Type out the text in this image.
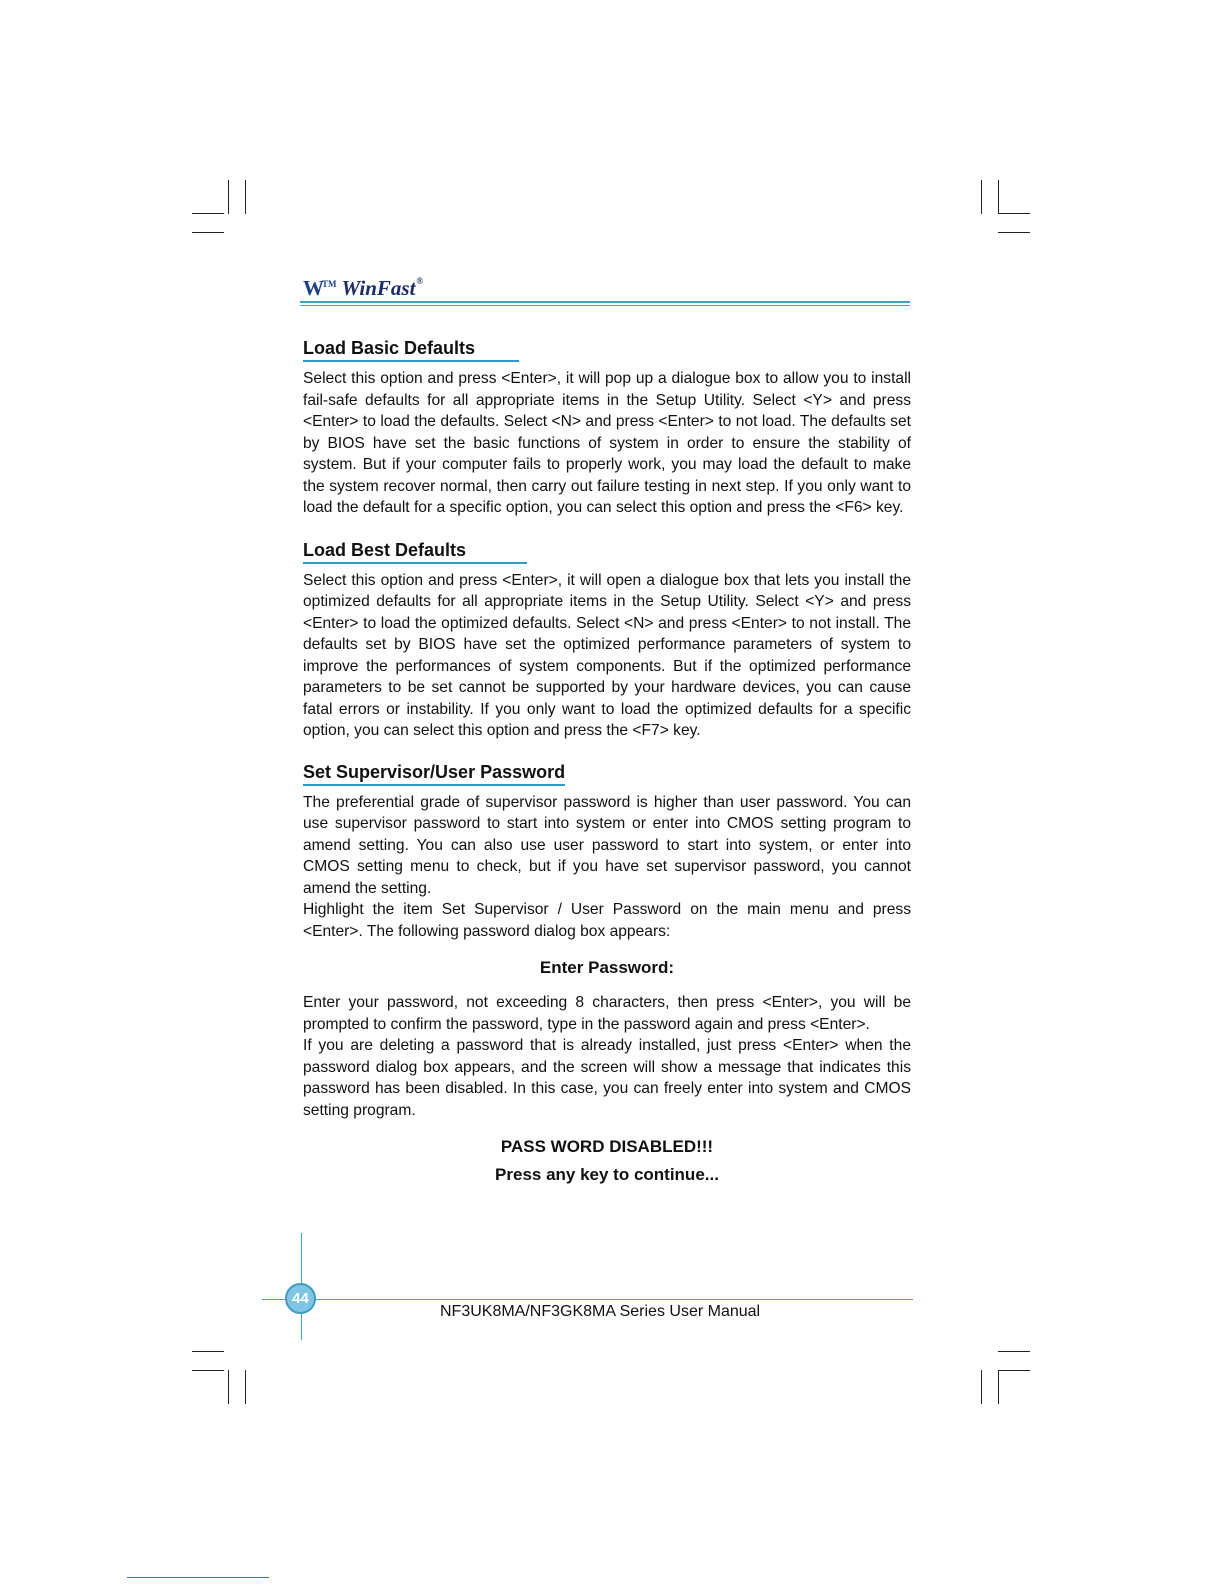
W™ WinFast®
Load Basic Defaults

Select this option and press <Enter>, it will pop up a dialogue box to allow you to install fail-safe defaults for all appropriate items in the Setup Utility. Select <Y> and press <Enter> to load the defaults. Select <N> and press <Enter> to not load. The defaults set by BIOS have set the basic functions of system in order to ensure the stability of system. But if your computer fails to properly work, you may load the default to make the system recover normal, then carry out failure testing in next step. If you only want to load the default for a specific option, you can select this option and press the <F6> key.

Load Best Defaults

Select this option and press <Enter>, it will open a dialogue box that lets you install the optimized defaults for all appropriate items in the Setup Utility. Select <Y> and press <Enter> to load the optimized defaults. Select <N> and press <Enter> to not install. The defaults set by BIOS have set the optimized performance parameters of system to improve the performances of system components. But if the optimized performance parameters to be set cannot be supported by your hardware devices, you can cause fatal errors or instability. If you only want to load the optimized defaults for a specific option, you can select this option and press the <F7> key.

Set Supervisor/User Password

The preferential grade of supervisor password is higher than user password. You can use supervisor password to start into system or enter into CMOS setting program to amend setting. You can also use user password to start into system, or enter into CMOS setting menu to check, but if you have set supervisor password, you cannot amend the setting.

Highlight the item Set Supervisor / User Password on the main menu and press <Enter>. The following password dialog box appears:

Enter Password:

Enter your password, not exceeding 8 characters, then press <Enter>, you will be prompted to confirm the password, type in the password again and press <Enter>.

If you are deleting a password that is already installed, just press <Enter> when the password dialog box appears, and the screen will show a message that indicates this password has been disabled. In this case, you can freely enter into system and CMOS setting program.

PASS WORD DISABLED!!!

Press any key to continue...

44
NF3UK8MA/NF3GK8MA Series User Manual
